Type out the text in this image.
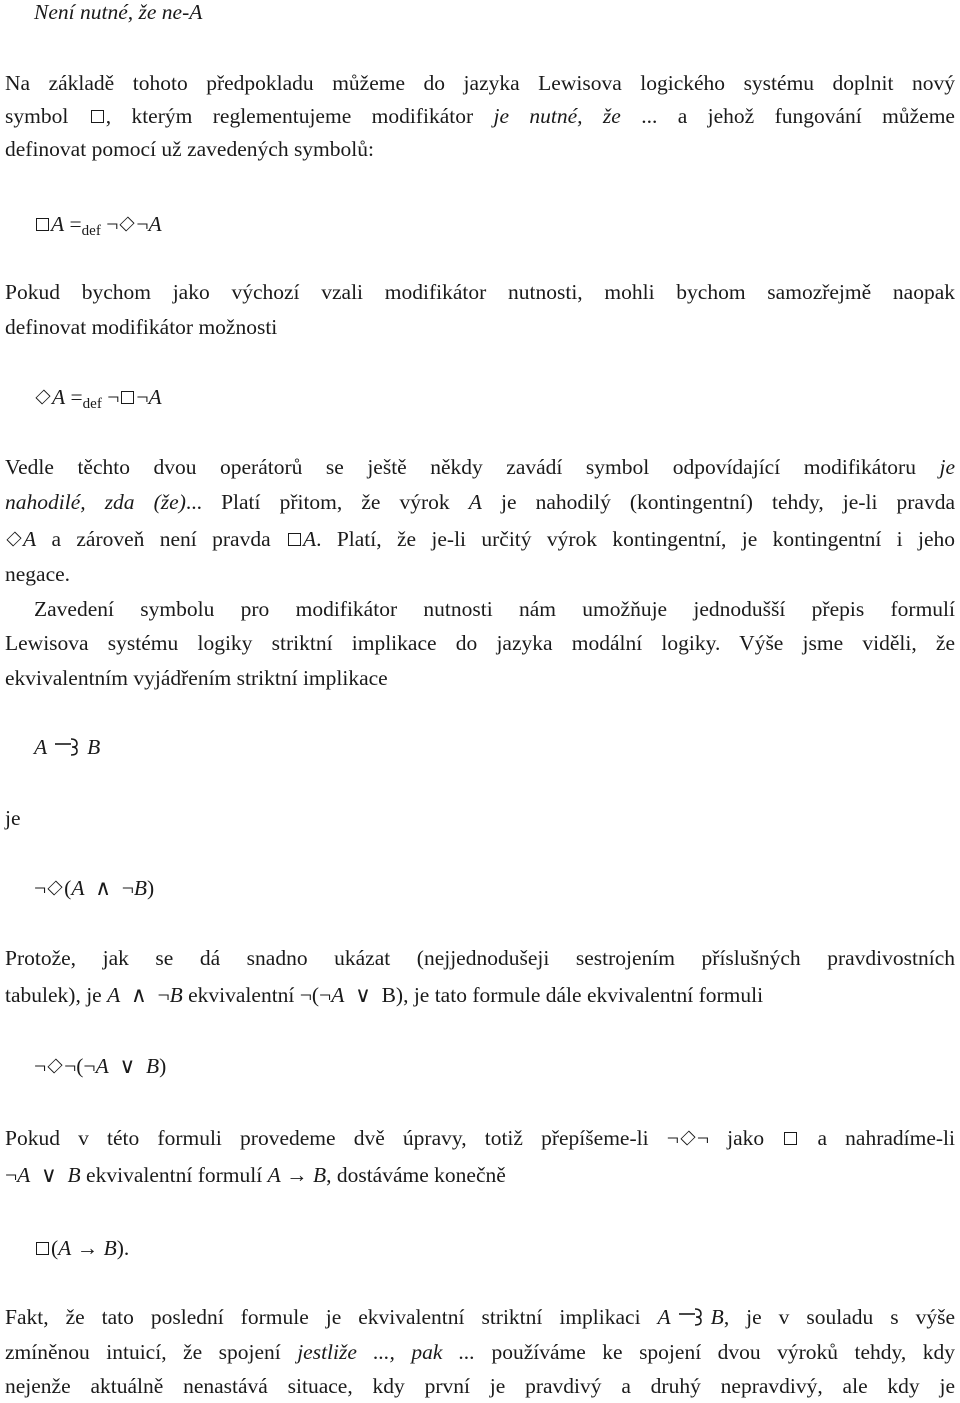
Není nutné, že ne-A
Na základě tohoto předpokladu můžeme do jazyka Lewisova logického systému doplnit nový
symbol , kterým reglementujeme modifikátor je nutné, že ... a jehož fungování můžeme
definovat pomocí už zavedených symbolů:
$A =_{def}$ ¬ ¬A
Pokud bychom jako výchozí vzali modifikátor nutnosti, mohli bychom samozřejmě naopak
definovat modifikátor možnosti
$A =_{def}$ ¬ ¬A
Vedle těchto dvou operátorů se ještě někdy zavádí symbol odpovídající modifikátoru je
nahodilé, zda (že)... Platí přitom, že výrok A je nahodilý (kontingentní) tehdy, je-li pravda
A a zároveň není pravda A. Platí, že je-li určitý výrok kontingentní, je kontingentní i jeho
negace.
Zavedení symbolu pro modifikátor nutnosti nám umožňuje jednodušší přepis formulí
Lewisova systému logiky striktní implikace do jazyka modální logiky. Výše jsme viděli, že
ekvivalentním vyjádřením striktní implikace
A B
je
¬ (A  ∧  ¬B)
Protože, jak se dá snadno ukázat (nejjednodušeji sestrojením příslušných pravdivostních
tabulek), je A  ∧  ¬B ekvivalentní ¬(¬A  ∨  B), je tato formule dále ekvivalentní formuli
¬ ¬(¬A  ∨  B)
Pokud v této formuli provedeme dvě úpravy, totiž přepíšeme-li ¬ ¬ jako  a nahradíme-li
¬A  ∨  B ekvivalentní formulí A → B, dostáváme konečně
(A → B).
Fakt, že tato poslední formule je ekvivalentní striktní implikaci A B, je v souladu s výše
zmíněnou intuicí, že spojení jestliže ..., pak ... používáme ke spojení dvou výroků tehdy, kdy
nejenže aktuálně nenastává situace, kdy první je pravdivý a druhý nepravdivý, ale kdy je
